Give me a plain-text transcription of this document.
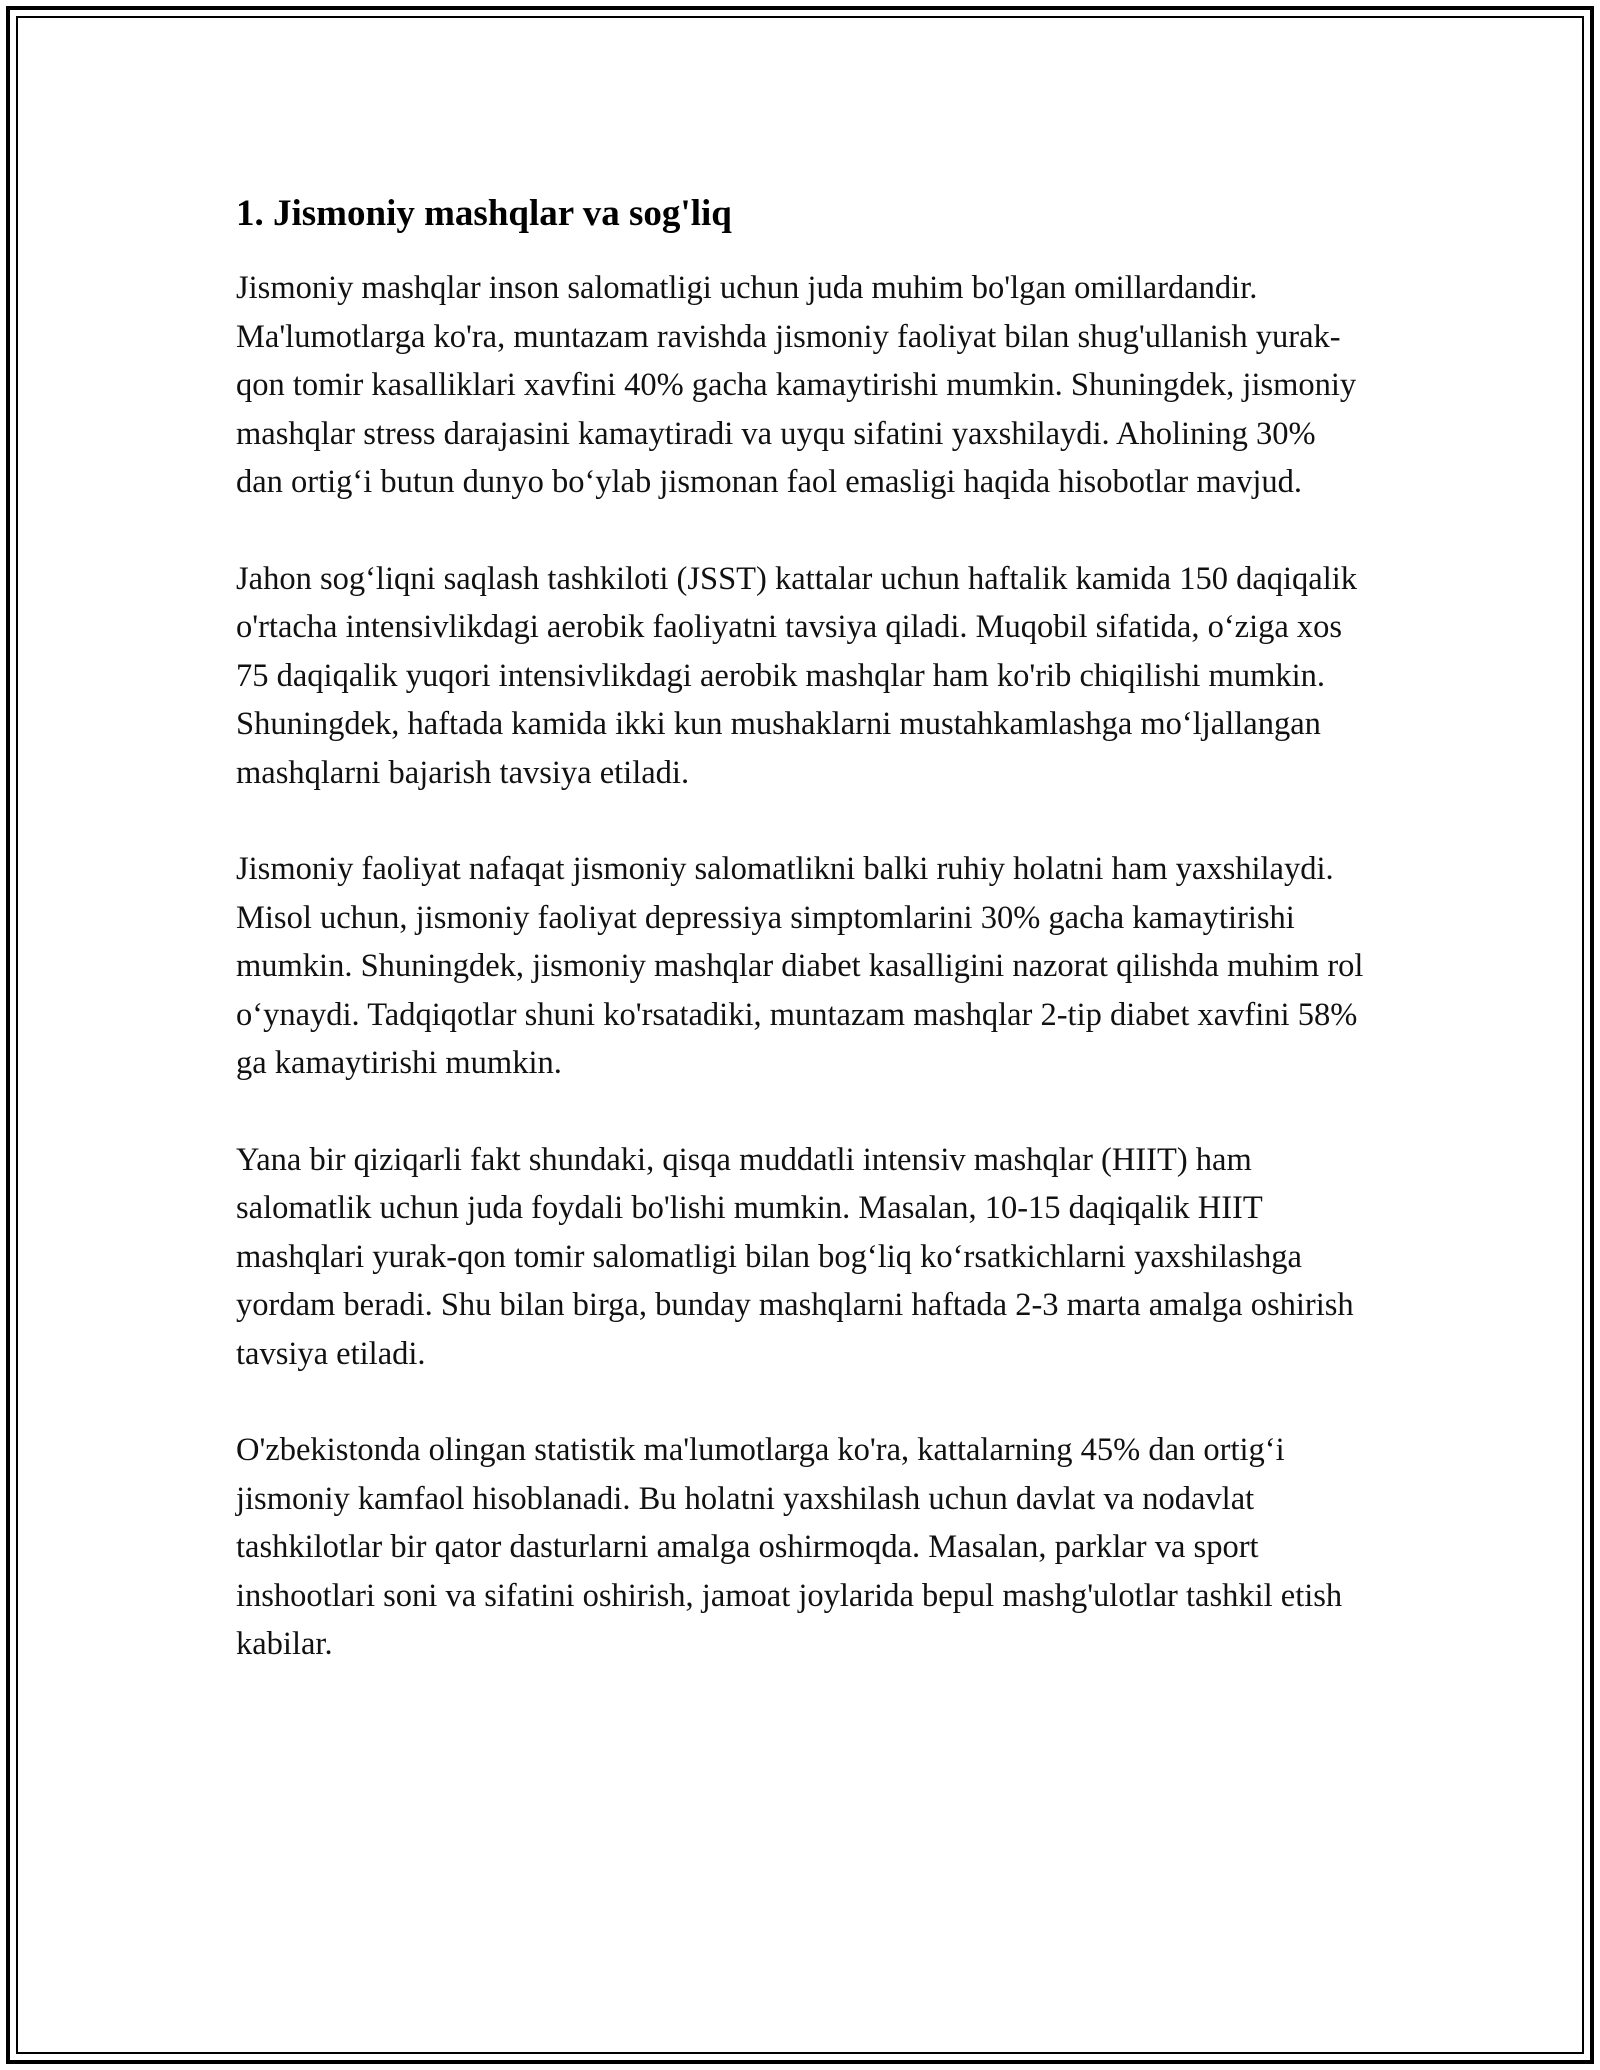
1. Jismoniy mashqlar va sog'liq

Jismoniy mashqlar inson salomatligi uchun juda muhim bo'lgan omillardandir. Ma'lumotlarga ko'ra, muntazam ravishda jismoniy faoliyat bilan shug'ullanish yurak-qon tomir kasalliklari xavfini 40% gacha kamaytirishi mumkin. Shuningdek, jismoniy mashqlar stress darajasini kamaytiradi va uyqu sifatini yaxshilaydi. Aholining 30% dan ortig‘i butun dunyo bo‘ylab jismonan faol emasligi haqida hisobotlar mavjud.

Jahon sog‘liqni saqlash tashkiloti (JSST) kattalar uchun haftalik kamida 150 daqiqalik o'rtacha intensivlikdagi aerobik faoliyatni tavsiya qiladi. Muqobil sifatida, o‘ziga xos 75 daqiqalik yuqori intensivlikdagi aerobik mashqlar ham ko'rib chiqilishi mumkin. Shuningdek, haftada kamida ikki kun mushaklarni mustahkamlashga mo‘ljallangan mashqlarni bajarish tavsiya etiladi.

Jismoniy faoliyat nafaqat jismoniy salomatlikni balki ruhiy holatni ham yaxshilaydi. Misol uchun, jismoniy faoliyat depressiya simptomlarini 30% gacha kamaytirishi mumkin. Shuningdek, jismoniy mashqlar diabet kasalligini nazorat qilishda muhim rol o‘ynaydi. Tadqiqotlar shuni ko'rsatadiki, muntazam mashqlar 2-tip diabet xavfini 58% ga kamaytirishi mumkin.

Yana bir qiziqarli fakt shundaki, qisqa muddatli intensiv mashqlar (HIIT) ham salomatlik uchun juda foydali bo'lishi mumkin. Masalan, 10-15 daqiqalik HIIT mashqlari yurak-qon tomir salomatligi bilan bog‘liq ko‘rsatkichlarni yaxshilashga yordam beradi. Shu bilan birga, bunday mashqlarni haftada 2-3 marta amalga oshirish tavsiya etiladi.

O'zbekistonda olingan statistik ma'lumotlarga ko'ra, kattalarning 45% dan ortig‘i jismoniy kamfaol hisoblanadi. Bu holatni yaxshilash uchun davlat va nodavlat tashkilotlar bir qator dasturlarni amalga oshirmoqda. Masalan, parklar va sport inshootlari soni va sifatini oshirish, jamoat joylarida bepul mashg'ulotlar tashkil etish kabilar.
